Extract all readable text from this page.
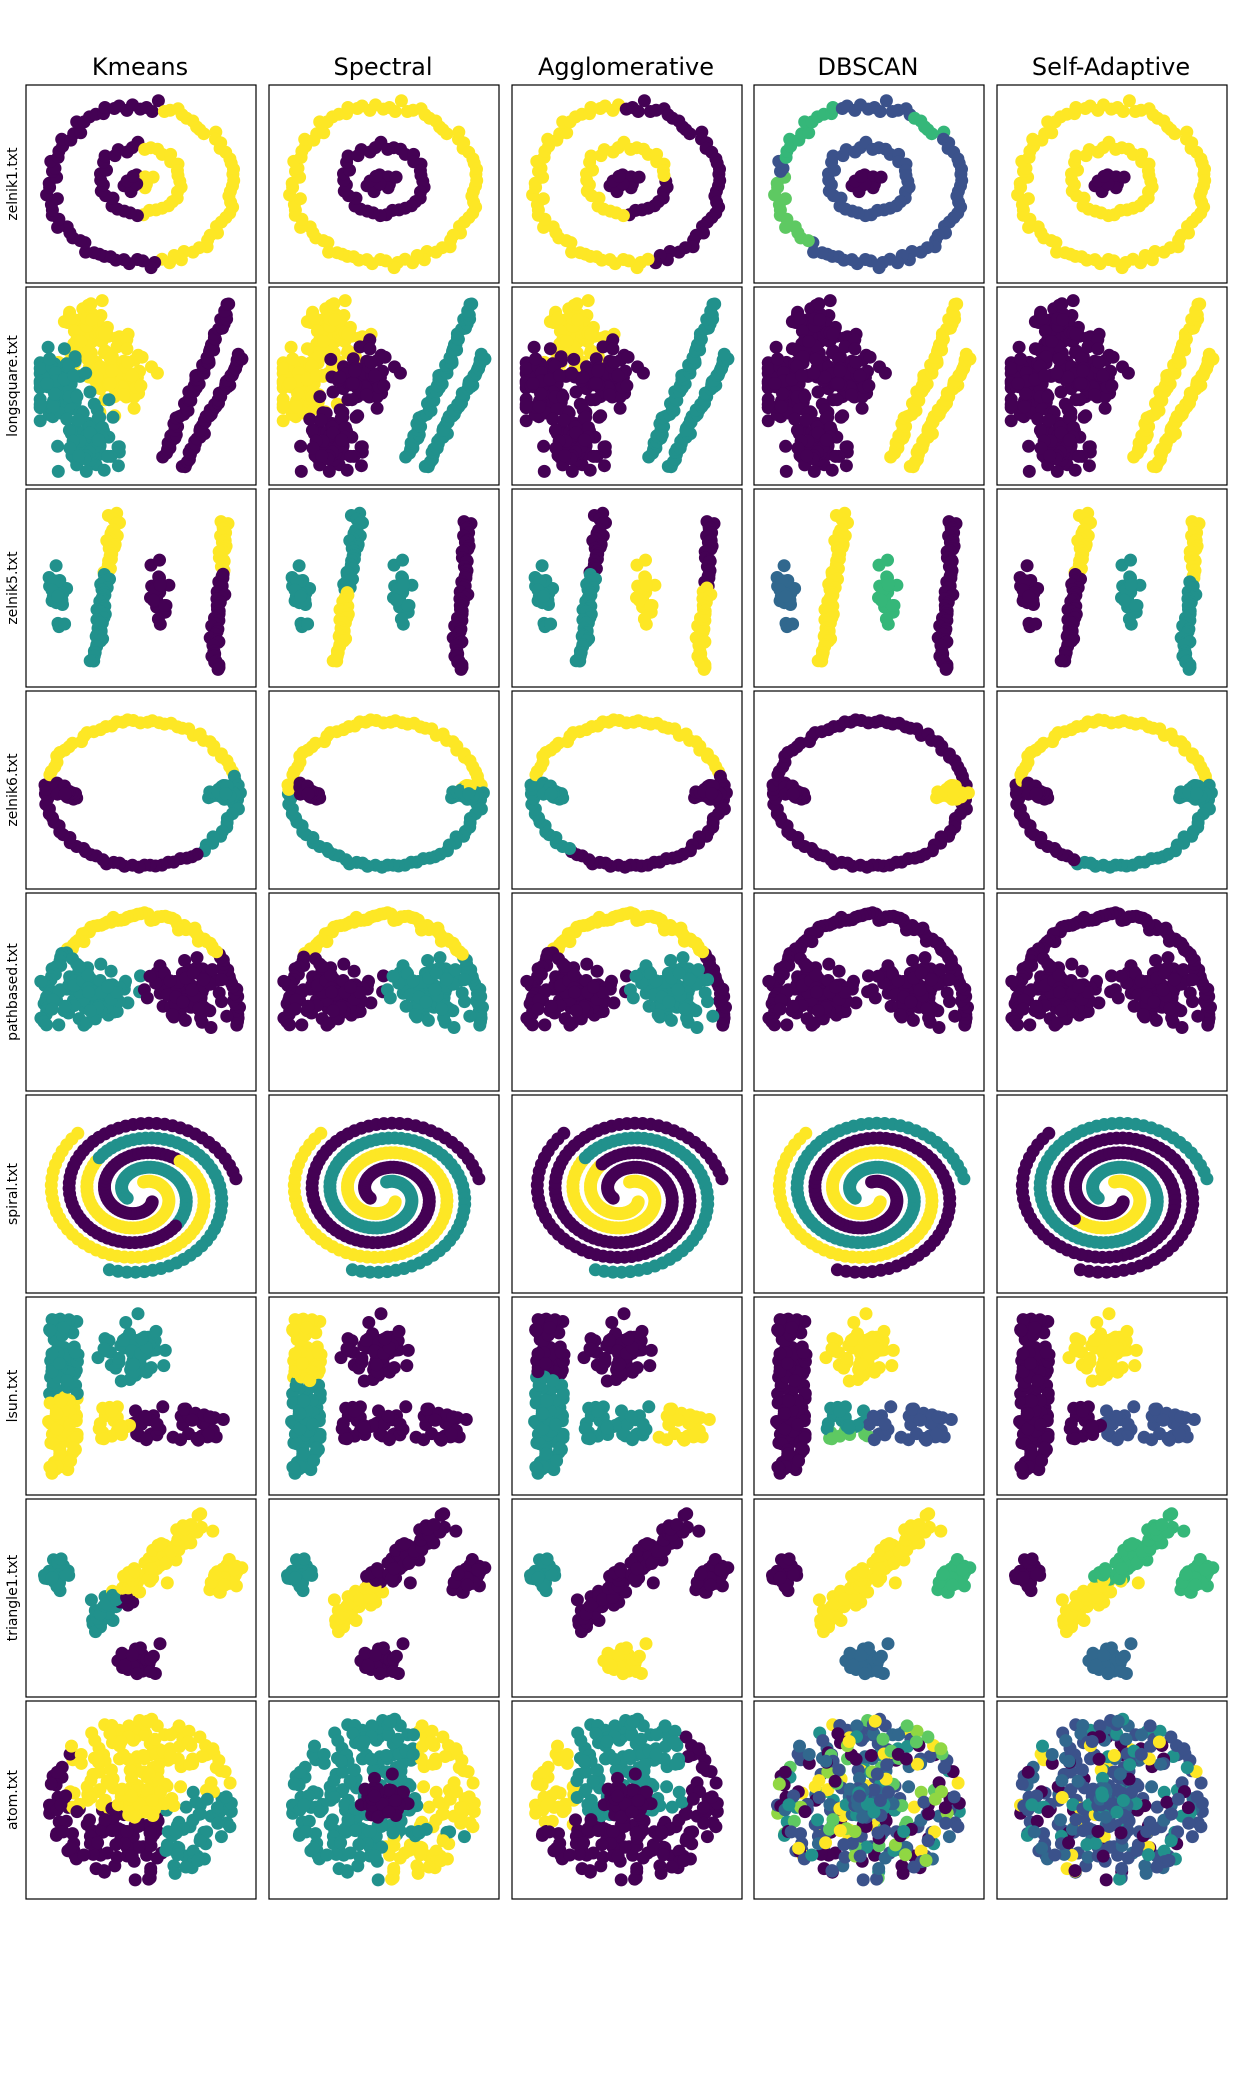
Kmeans	Spectral	Agglomerative	DBSCAN	Self-Adaptive
zelnik1.txt
longsquare.txt
zelnik5.txt
zelnik6.txt
pathbased.txt
spiral.txt
lsun.txt
triangle1.txt
atom.txt
